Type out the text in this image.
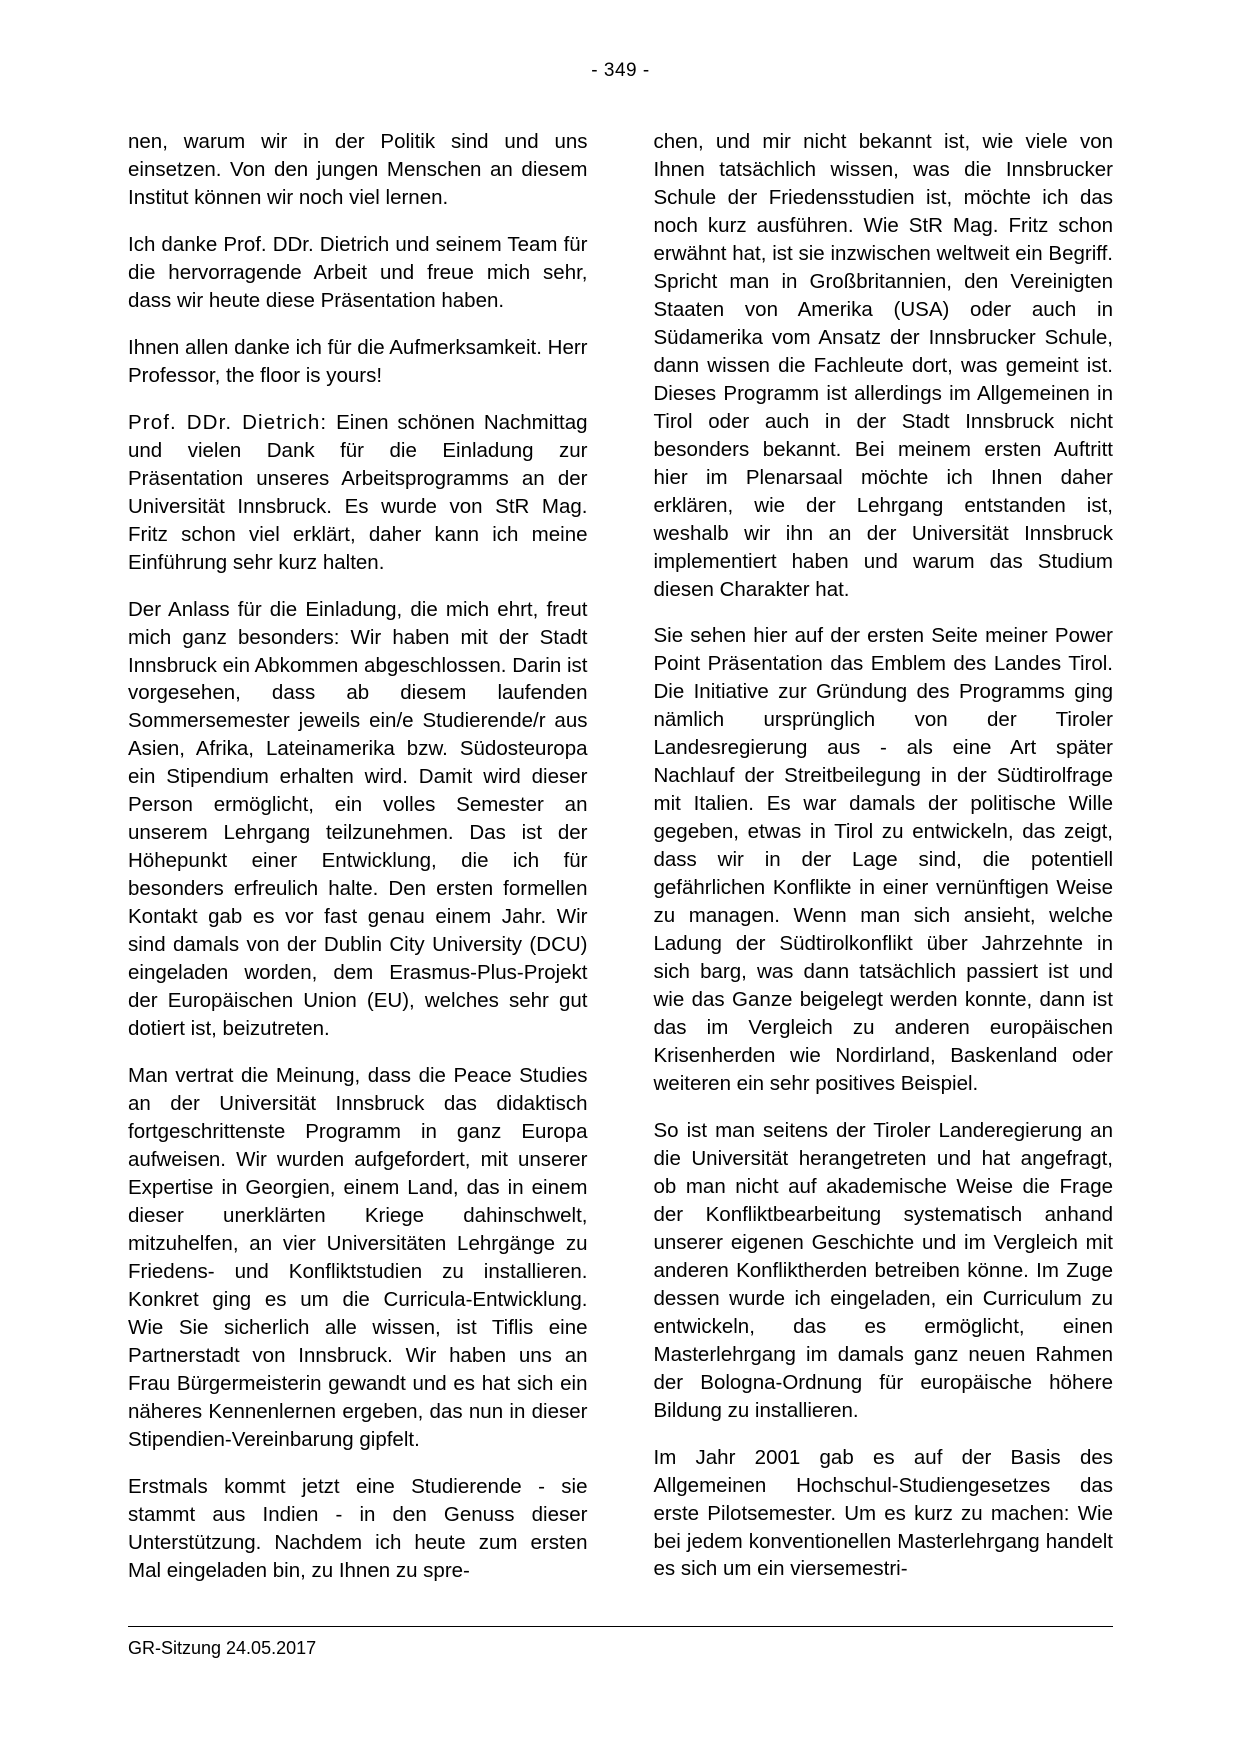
- 349 -

nen, warum wir in der Politik sind und uns einsetzen. Von den jungen Menschen an diesem Institut können wir noch viel lernen.

Ich danke Prof. DDr. Dietrich und seinem Team für die hervorragende Arbeit und freue mich sehr, dass wir heute diese Präsentation haben.

Ihnen allen danke ich für die Aufmerksamkeit. Herr Professor, the floor is yours!

Prof. DDr. Dietrich: Einen schönen Nachmittag und vielen Dank für die Einladung zur Präsentation unseres Arbeitsprogramms an der Universität Innsbruck. Es wurde von StR Mag. Fritz schon viel erklärt, daher kann ich meine Einführung sehr kurz halten.

Der Anlass für die Einladung, die mich ehrt, freut mich ganz besonders: Wir haben mit der Stadt Innsbruck ein Abkommen abgeschlossen. Darin ist vorgesehen, dass ab diesem laufenden Sommersemester jeweils ein/e Studierende/r aus Asien, Afrika, Lateinamerika bzw. Südosteuropa ein Stipendium erhalten wird. Damit wird dieser Person ermöglicht, ein volles Semester an unserem Lehrgang teilzunehmen. Das ist der Höhepunkt einer Entwicklung, die ich für besonders erfreulich halte. Den ersten formellen Kontakt gab es vor fast genau einem Jahr. Wir sind damals von der Dublin City University (DCU) eingeladen worden, dem Erasmus-Plus-Projekt der Europäischen Union (EU), welches sehr gut dotiert ist, beizutreten.

Man vertrat die Meinung, dass die Peace Studies an der Universität Innsbruck das didaktisch fortgeschrittenste Programm in ganz Europa aufweisen. Wir wurden aufgefordert, mit unserer Expertise in Georgien, einem Land, das in einem dieser unerklärten Kriege dahinschwelt, mitzuhelfen, an vier Universitäten Lehrgänge zu Friedens- und Konfliktstudien zu installieren. Konkret ging es um die Curricula-Entwicklung. Wie Sie sicherlich alle wissen, ist Tiflis eine Partnerstadt von Innsbruck. Wir haben uns an Frau Bürgermeisterin gewandt und es hat sich ein näheres Kennenlernen ergeben, das nun in dieser Stipendien-Vereinbarung gipfelt.

Erstmals kommt jetzt eine Studierende - sie stammt aus Indien - in den Genuss dieser Unterstützung. Nachdem ich heute zum ersten Mal eingeladen bin, zu Ihnen zu spre-

chen, und mir nicht bekannt ist, wie viele von Ihnen tatsächlich wissen, was die Innsbrucker Schule der Friedensstudien ist, möchte ich das noch kurz ausführen. Wie StR Mag. Fritz schon erwähnt hat, ist sie inzwischen weltweit ein Begriff. Spricht man in Großbritannien, den Vereinigten Staaten von Amerika (USA) oder auch in Südamerika vom Ansatz der Innsbrucker Schule, dann wissen die Fachleute dort, was gemeint ist. Dieses Programm ist allerdings im Allgemeinen in Tirol oder auch in der Stadt Innsbruck nicht besonders bekannt. Bei meinem ersten Auftritt hier im Plenarsaal möchte ich Ihnen daher erklären, wie der Lehrgang entstanden ist, weshalb wir ihn an der Universität Innsbruck implementiert haben und warum das Studium diesen Charakter hat.

Sie sehen hier auf der ersten Seite meiner Power Point Präsentation das Emblem des Landes Tirol. Die Initiative zur Gründung des Programms ging nämlich ursprünglich von der Tiroler Landesregierung aus - als eine Art später Nachlauf der Streitbeilegung in der Südtirolfrage mit Italien. Es war damals der politische Wille gegeben, etwas in Tirol zu entwickeln, das zeigt, dass wir in der Lage sind, die potentiell gefährlichen Konflikte in einer vernünftigen Weise zu managen. Wenn man sich ansieht, welche Ladung der Südtirolkonflikt über Jahrzehnte in sich barg, was dann tatsächlich passiert ist und wie das Ganze beigelegt werden konnte, dann ist das im Vergleich zu anderen europäischen Krisenherden wie Nordirland, Baskenland oder weiteren ein sehr positives Beispiel.

So ist man seitens der Tiroler Landeregierung an die Universität herangetreten und hat angefragt, ob man nicht auf akademische Weise die Frage der Konfliktbearbeitung systematisch anhand unserer eigenen Geschichte und im Vergleich mit anderen Konfliktherden betreiben könne. Im Zuge dessen wurde ich eingeladen, ein Curriculum zu entwickeln, das es ermöglicht, einen Masterlehrgang im damals ganz neuen Rahmen der Bologna-Ordnung für europäische höhere Bildung zu installieren.

Im Jahr 2001 gab es auf der Basis des Allgemeinen Hochschul-Studiengesetzes das erste Pilotsemester. Um es kurz zu machen: Wie bei jedem konventionellen Masterlehrgang handelt es sich um ein viersemestri-

GR-Sitzung 24.05.2017
